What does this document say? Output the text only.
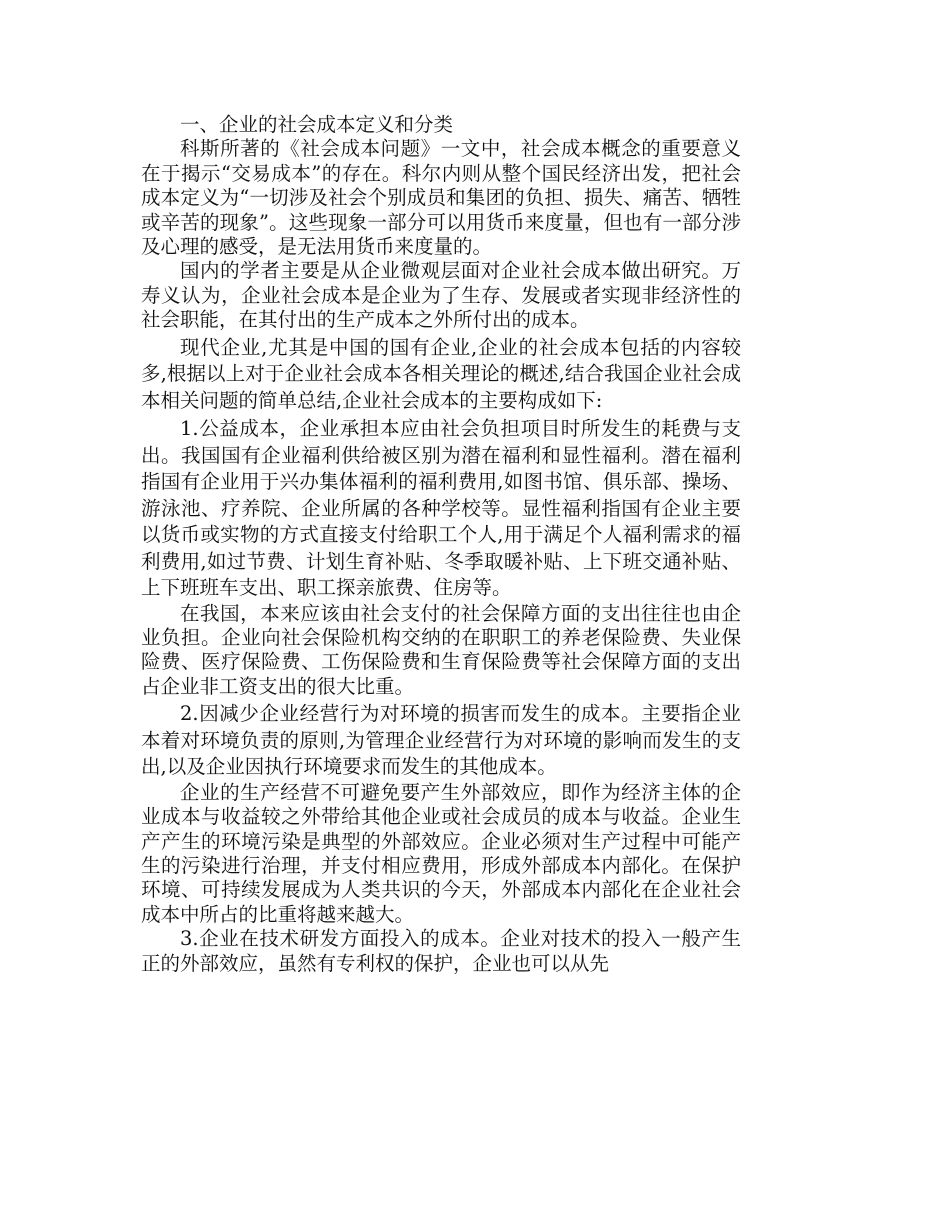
一、企业的社会成本定义和分类

科斯所著的《社会成本问题》一文中，社会成本概念的重要意义在于揭示“交易成本”的存在。科尔内则从整个国民经济出发，把社会成本定义为“一切涉及社会个别成员和集团的负担、损失、痛苦、牺牲或辛苦的现象”。这些现象一部分可以用货币来度量，但也有一部分涉及心理的感受，是无法用货币来度量的。

国内的学者主要是从企业微观层面对企业社会成本做出研究。万寿义认为，企业社会成本是企业为了生存、发展或者实现非经济性的社会职能，在其付出的生产成本之外所付出的成本。

现代企业,尤其是中国的国有企业,企业的社会成本包括的内容较多,根据以上对于企业社会成本各相关理论的概述,结合我国企业社会成本相关问题的简单总结,企业社会成本的主要构成如下:

1.公益成本，企业承担本应由社会负担项目时所发生的耗费与支出。我国国有企业福利供给被区别为潜在福利和显性福利。潜在福利指国有企业用于兴办集体福利的福利费用,如图书馆、俱乐部、操场、游泳池、疗养院、企业所属的各种学校等。显性福利指国有企业主要以货币或实物的方式直接支付给职工个人,用于满足个人福利需求的福利费用,如过节费、计划生育补贴、冬季取暖补贴、上下班交通补贴、上下班班车支出、职工探亲旅费、住房等。

在我国，本来应该由社会支付的社会保障方面的支出往往也由企业负担。企业向社会保险机构交纳的在职职工的养老保险费、失业保险费、医疗保险费、工伤保险费和生育保险费等社会保障方面的支出占企业非工资支出的很大比重。

2.因减少企业经营行为对环境的损害而发生的成本。主要指企业本着对环境负责的原则,为管理企业经营行为对环境的影响而发生的支出,以及企业因执行环境要求而发生的其他成本。

企业的生产经营不可避免要产生外部效应，即作为经济主体的企业成本与收益较之外带给其他企业或社会成员的成本与收益。企业生产产生的环境污染是典型的外部效应。企业必须对生产过程中可能产生的污染进行治理，并支付相应费用，形成外部成本内部化。在保护环境、可持续发展成为人类共识的今天，外部成本内部化在企业社会成本中所占的比重将越来越大。

3.企业在技术研发方面投入的成本。企业对技术的投入一般产生正的外部效应，虽然有专利权的保护，企业也可以从先
